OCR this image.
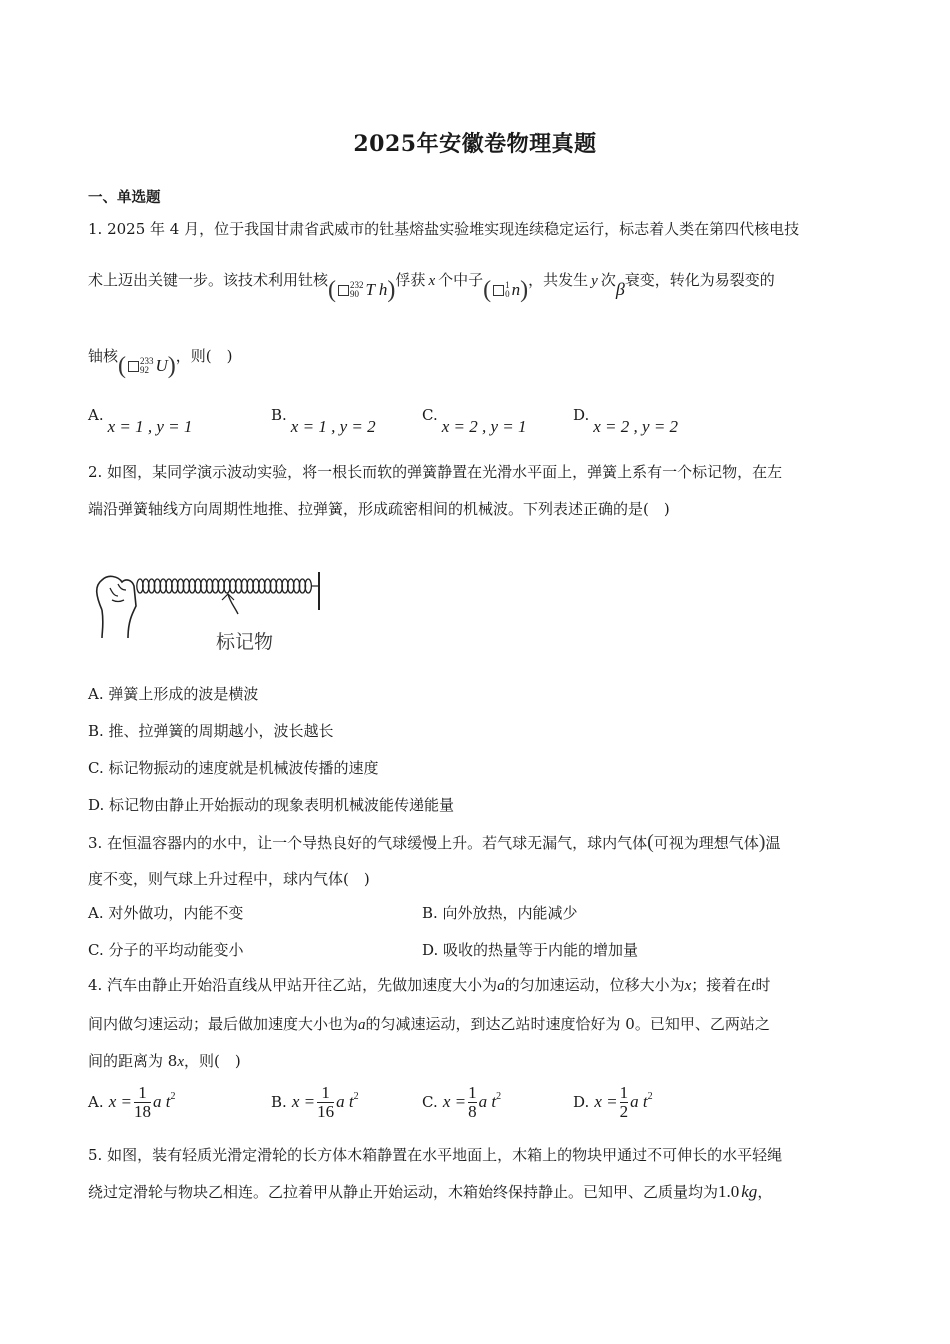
2025年安徽卷物理真题
一、单选题
1. 2025 年 4 月，位于我国甘肃省武威市的钍基熔盐实验堆实现连续稳定运行，标志着人类在第四代核电技
术上迈出关键一步。该技术利用钍核 ( 232
90 T h ) 俘获 x 个中子 ( 1
0 n ) ，共发生 y 次β衰变，转化为易裂变的
铀核 ( 233
92 U ) ，则(　)
A.x = 1 , y = 1
B.x = 1 , y = 2
C.x = 2 , y = 1
D.x = 2 , y = 2
2. 如图，某同学演示波动实验，将一根长而软的弹簧静置在光滑水平面上，弹簧上系有一个标记物，在左
端沿弹簧轴线方向周期性地推、拉弹簧，形成疏密相间的机械波。下列表述正确的是(　)
标记物
A. 弹簧上形成的波是横波
B. 推、拉弹簧的周期越小，波长越长
C. 标记物振动的速度就是机械波传播的速度
D. 标记物由静止开始振动的现象表明机械波能传递能量
3. 在恒温容器内的水中，让一个导热良好的气球缓慢上升。若气球无漏气，球内气体(可视为理想气体)温
度不变，则气球上升过程中，球内气体(　)
A. 对外做功，内能不变	B. 向外放热，内能减少
C. 分子的平均动能变小	D. 吸收的热量等于内能的增加量
4. 汽车由静止开始沿直线从甲站开往乙站，先做加速度大小为a的匀加速运动，位移大小为x；接着在t时
间内做匀速运动；最后做加速度大小也为a的匀减速运动，到达乙站时速度恰好为 0。已知甲、乙两站之
间的距离为 8x，则(　)
A. $x = \frac{1}{18}$ a $t^2$	B. $x = \frac{1}{16}$ a $t^2$	C. $x = \frac{1}{8}$ a $t^2$	D. $x = \frac{1}{2}$ a $t^2$
5. 如图，装有轻质光滑定滑轮的长方体木箱静置在水平地面上，木箱上的物块甲通过不可伸长的水平轻绳
绕过定滑轮与物块乙相连。乙拉着甲从静止开始运动，木箱始终保持静止。已知甲、乙质量均为1.0 kg，
